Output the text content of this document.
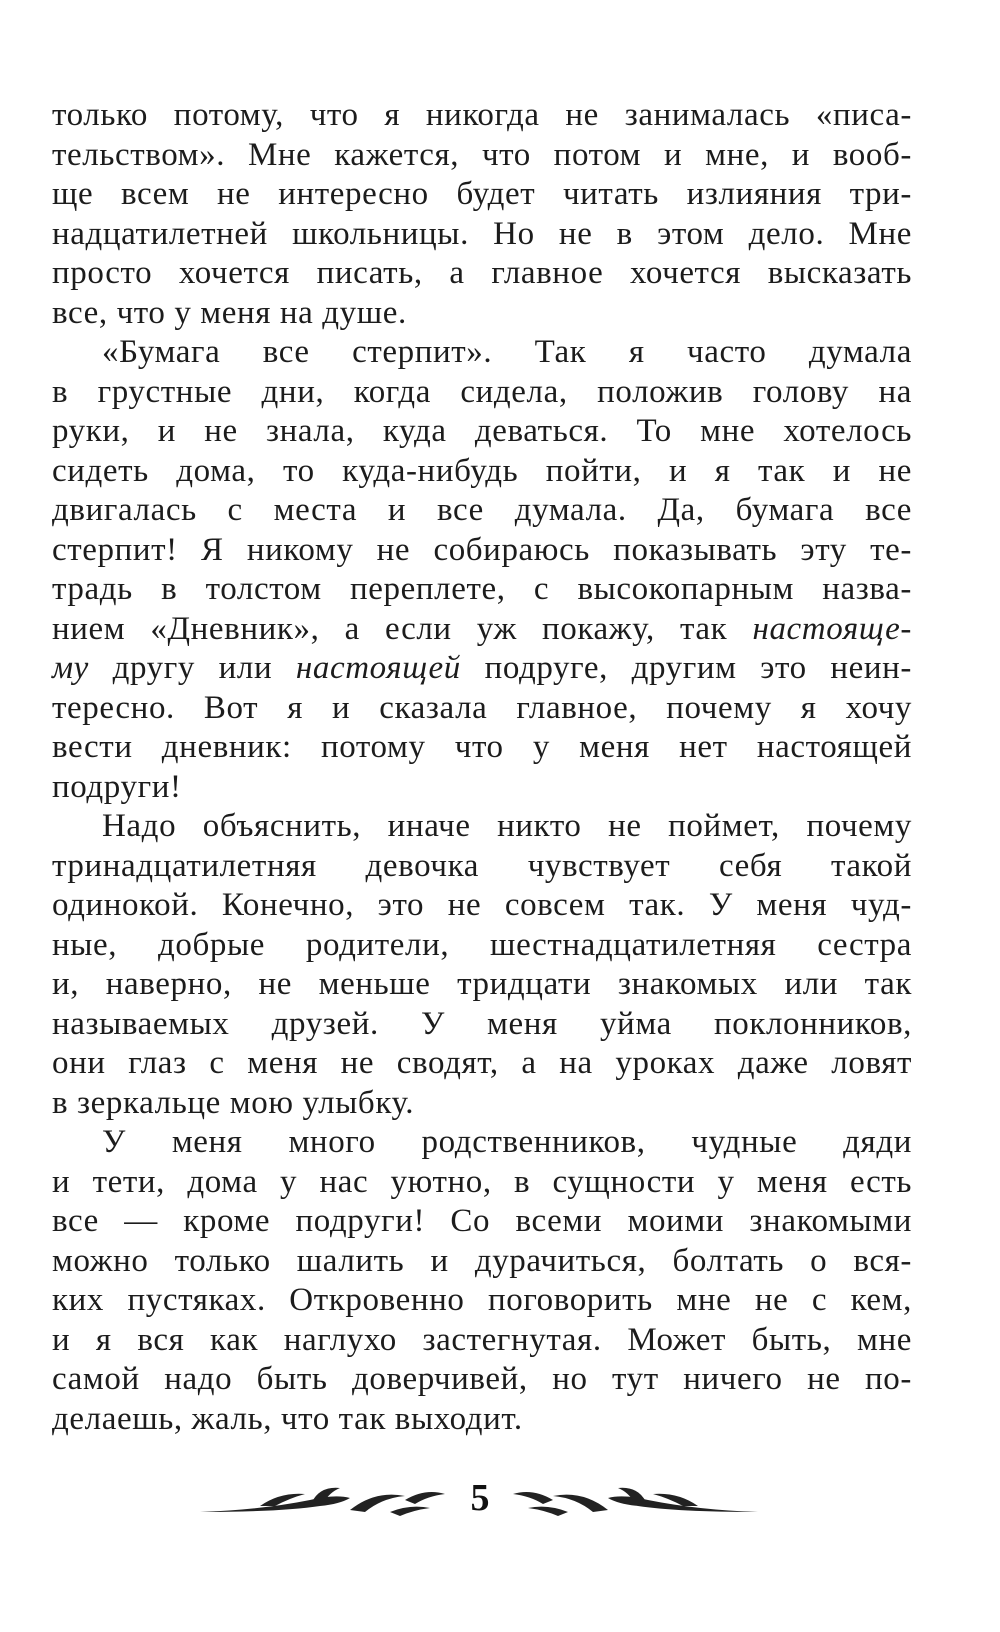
только потому, что я никогда не занималась «писа-
тельством». Мне кажется, что потом и мне, и вооб-
ще всем не интересно будет читать излияния три-
надцатилетней школьницы. Но не в этом дело. Мне
просто хочется писать, а главное хочется высказать
все, что у меня на душе.
«Бумага все стерпит». Так я часто думала
в грустные дни, когда сидела, положив голову на
руки, и не знала, куда деваться. То мне хотелось
сидеть дома, то куда-нибудь пойти, и я так и не
двигалась с места и все думала. Да, бумага все
стерпит! Я никому не собираюсь показывать эту те-
традь в толстом переплете, с высокопарным назва-
нием «Дневник», а если уж покажу, так настояще-
му другу или настоящей подруге, другим это неин-
тересно. Вот я и сказала главное, почему я хочу
вести дневник: потому что у меня нет настоящей
подруги!
Надо объяснить, иначе никто не поймет, почему
тринадцатилетняя девочка чувствует себя такой
одинокой. Конечно, это не совсем так. У меня чуд-
ные, добрые родители, шестнадцатилетняя сестра
и, наверно, не меньше тридцати знакомых или так
называемых друзей. У меня уйма поклонников,
они глаз с меня не сводят, а на уроках даже ловят
в зеркальце мою улыбку.
У меня много родственников, чудные дяди
и тети, дома у нас уютно, в сущности у меня есть
все — кроме подруги! Со всеми моими знакомыми
можно только шалить и дурачиться, болтать о вся-
ких пустяках. Откровенно поговорить мне не с кем,
и я вся как наглухо застегнутая. Может быть, мне
самой надо быть доверчивей, но тут ничего не по-
делаешь, жаль, что так выходит.
5
